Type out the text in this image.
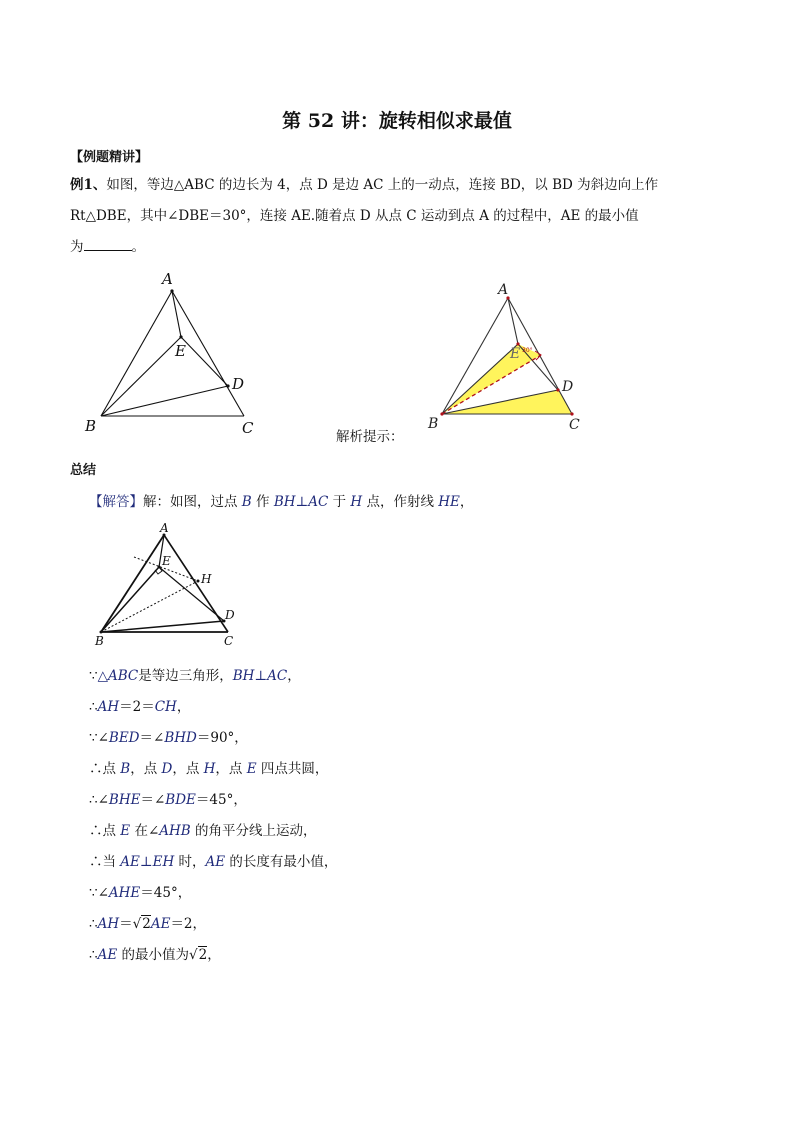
第 52 讲：旋转相似求最值
【例题精讲】
例1、如图，等边△ABC 的边长为 4，点 D 是边 AC 上的一动点，连接 BD，以 BD 为斜边向上作
Rt△DBE，其中∠DBE＝30°，连接 AE.随着点 D 从点 C 运动到点 A 的过程中，AE 的最小值
为	。
A
B	C
D
E	30°
A
B	C
D
E
解析提示：
总结
【解答】解：如图，过点 B 作 BH⊥AC 于 H 点，作射线 HE，
A
B	C
D
E
H
∵△ABC是等边三角形，BH⊥AC，
∴AH＝2＝CH，
∵∠BED＝∠BHD＝90°，
∴点 B，点 D，点 H，点 E 四点共圆，
∴∠BHE＝∠BDE＝45°，
∴点 E 在∠AHB 的角平分线上运动，
∴当 AE⊥EH 时，AE 的长度有最小值，
∵∠AHE＝45°，
∴AH＝√2AE＝2，
∴AE 的最小值为√2，
